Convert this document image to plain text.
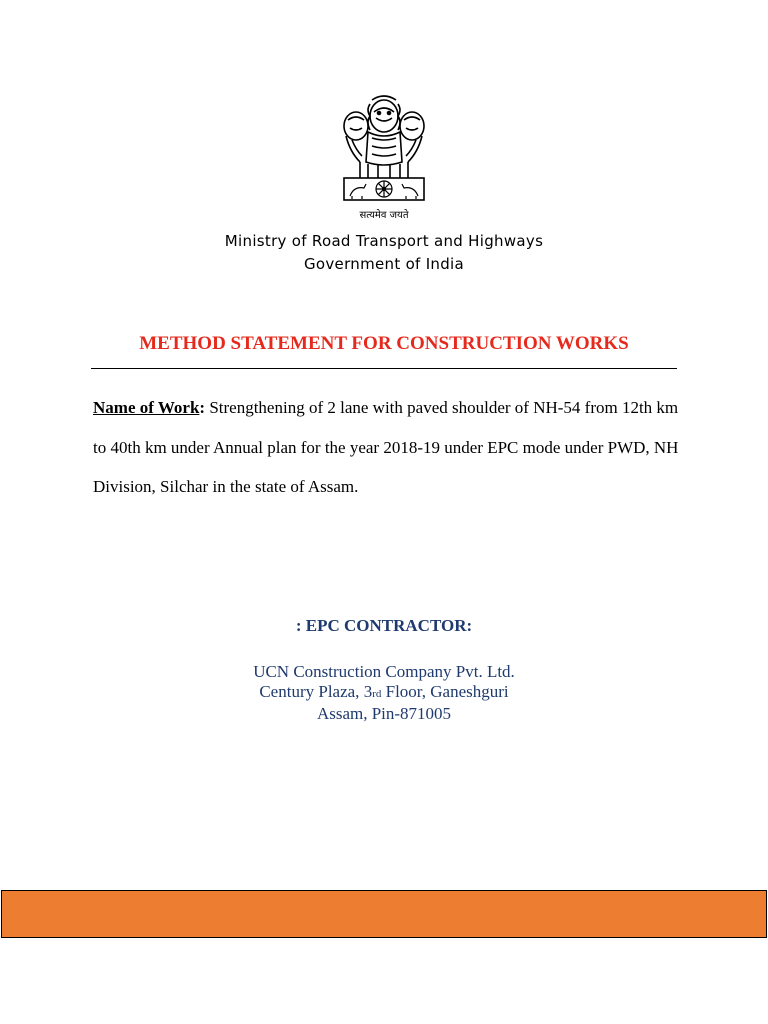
सत्यमेव जयते
Ministry of Road Transport and Highways
Government of India
METHOD STATEMENT FOR CONSTRUCTION WORKS
Name of Work: Strengthening of 2 lane with paved shoulder of NH-54 from 12th km to 40th km under Annual plan for the year 2018-19 under EPC mode under PWD, NH Division, Silchar in the state of Assam.
: EPC CONTRACTOR:
UCN Construction Company Pvt. Ltd.
Century Plaza, 3rd Floor, Ganeshguri
Assam, Pin-871005
